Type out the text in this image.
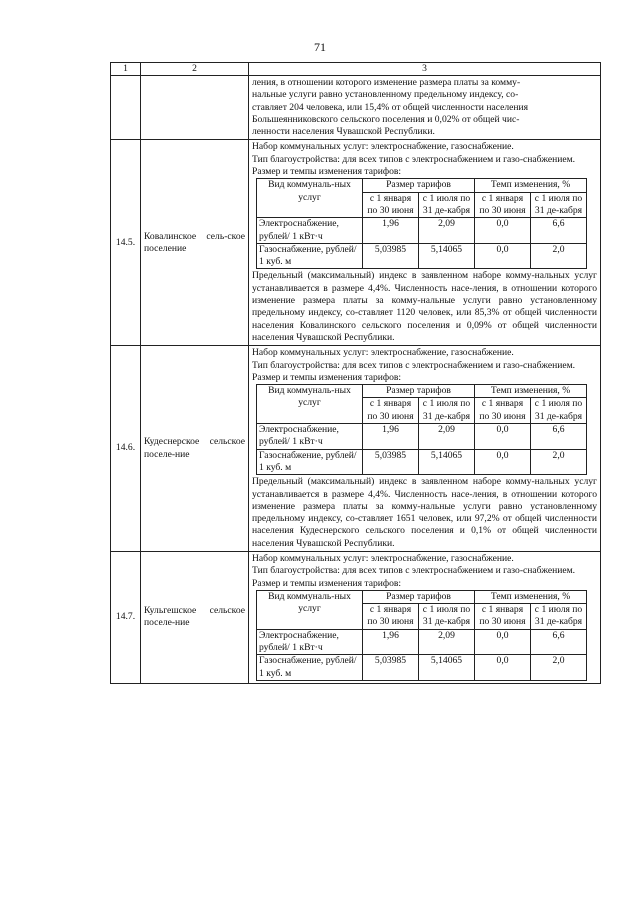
71
1	2	3

ления, в отношении которого изменение размера платы за комму-
нальные услуги равно установленному предельному индексу, со-
ставляет 204 человека, или 15,4% от общей численности населения
Большеянниковского сельского поселения и 0,02% от общей чис-
ленности населения Чувашской Республики.

14.5.	Ковалинское сель-ское поселение	
Набор коммунальных услуг: электроснабжение, газоснабжение.
Тип благоустройства: для всех типов с электроснабжением и газо-снабжением.
Размер и темпы изменения тарифов:
Вид коммуналь-ных услуг	Размер тарифов	Темп изменения, %
с 1 января по 30 июня	с 1 июля по 31 де-кабря	с 1 января по 30 июня	с 1 июля по 31 де-кабря
Электроснабжение, рублей/ 1 кВт·ч	1,96	2,09	0,0	6,6
Газоснабжение, рублей/ 1 куб. м	5,03985	5,14065	0,0	2,0
Предельный (максимальный) индекс в заявленном наборе комму-нальных услуг устанавливается в размере 4,4%. Численность насе-ления, в отношении которого изменение размера платы за комму-нальные услуги равно установленному предельному индексу, со-ставляет 1120 человек, или 85,3% от общей численности населения Ковалинского сельского поселения и 0,09% от общей численности населения Чувашской Республики.

14.6.	Кудеснерское сельское поселе-ние	
Набор коммунальных услуг: электроснабжение, газоснабжение.
Тип благоустройства: для всех типов с электроснабжением и газо-снабжением.
Размер и темпы изменения тарифов:
Вид коммуналь-ных услуг	Размер тарифов	Темп изменения, %
с 1 января по 30 июня	с 1 июля по 31 де-кабря	с 1 января по 30 июня	с 1 июля по 31 де-кабря
Электроснабжение, рублей/ 1 кВт·ч	1,96	2,09	0,0	6,6
Газоснабжение, рублей/ 1 куб. м	5,03985	5,14065	0,0	2,0
Предельный (максимальный) индекс в заявленном наборе комму-нальных услуг устанавливается в размере 4,4%. Численность насе-ления, в отношении которого изменение размера платы за комму-нальные услуги равно установленному предельному индексу, со-ставляет 1651 человек, или 97,2% от общей численности населения Кудеснерского сельского поселения и 0,1% от общей численности населения Чувашской Республики.

14.7.	Кульгешское сельское поселе-ние	
Набор коммунальных услуг: электроснабжение, газоснабжение.
Тип благоустройства: для всех типов с электроснабжением и газо-снабжением.
Размер и темпы изменения тарифов:
Вид коммуналь-ных услуг	Размер тарифов	Темп изменения, %
с 1 января по 30 июня	с 1 июля по 31 де-кабря	с 1 января по 30 июня	с 1 июля по 31 де-кабря
Электроснабжение, рублей/ 1 кВт·ч	1,96	2,09	0,0	6,6
Газоснабжение, рублей/ 1 куб. м	5,03985	5,14065	0,0	2,0
